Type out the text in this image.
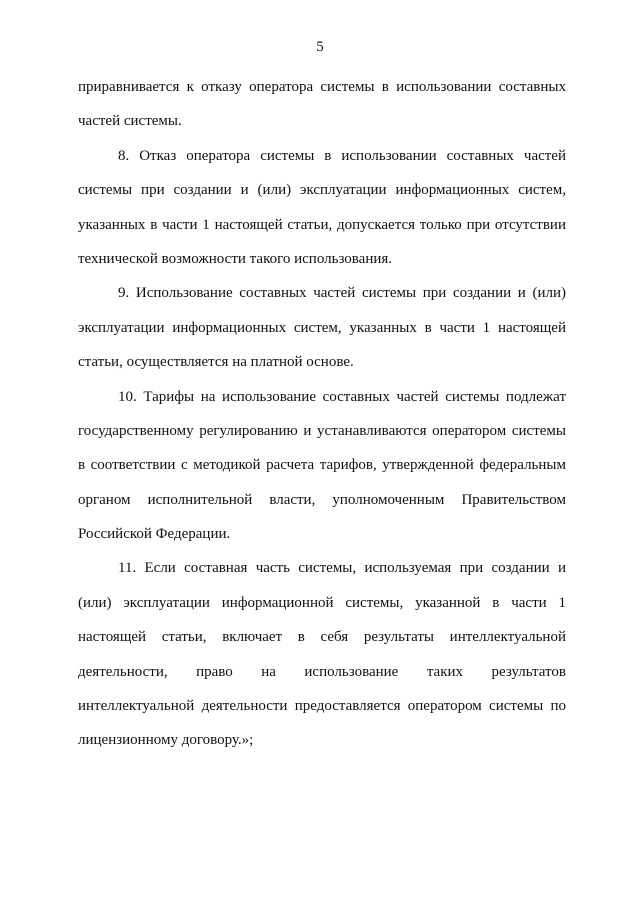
5
приравнивается к отказу оператора системы в использовании составных
частей системы.
8. Отказ оператора системы в использовании составных частей
системы при создании и (или) эксплуатации информационных систем,
указанных в части 1 настоящей статьи, допускается только при отсутствии
технической возможности такого использования.
9. Использование составных частей системы при создании и (или)
эксплуатации информационных систем, указанных в части 1 настоящей
статьи, осуществляется на платной основе.
10. Тарифы на использование составных частей системы подлежат
государственному регулированию и устанавливаются оператором системы
в соответствии с методикой расчета тарифов, утвержденной федеральным
органом исполнительной власти, уполномоченным Правительством
Российской Федерации.
11. Если составная часть системы, используемая при создании и
(или) эксплуатации информационной системы, указанной в части 1
настоящей статьи, включает в себя результаты интеллектуальной
деятельности, право на использование таких результатов
интеллектуальной деятельности предоставляется оператором системы по
лицензионному договору.»;
